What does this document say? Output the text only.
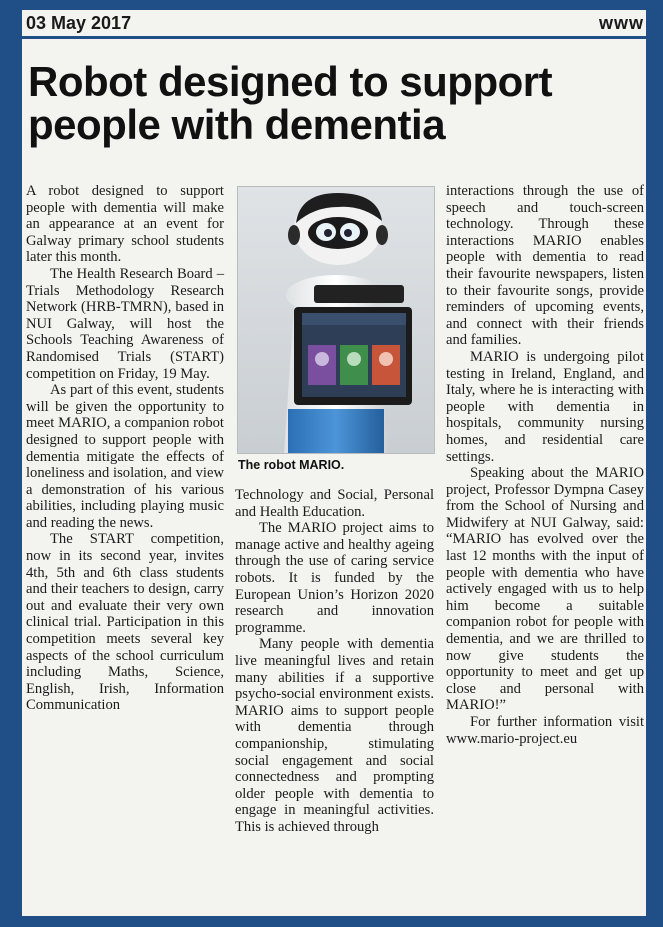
03 May 2017	www
Robot designed to support
people with dementia

A robot designed to support people with dementia will make an appearance at an event for Galway primary school students later this month.

The Health Research Board – Trials Methodology Research Network (HRB-TMRN), based in NUI Galway, will host the Schools Teaching Awareness of Randomised Trials (START) competition on Friday, 19 May.

As part of this event, students will be given the opportunity to meet MARIO, a companion robot designed to support people with dementia mitigate the effects of loneliness and isolation, and view a demonstration of his various abilities, including playing music and reading the news.

The START competition, now in its second year, invites 4th, 5th and 6th class students and their teachers to design, carry out and evaluate their very own clinical trial. Participation in this competition meets several key aspects of the school curriculum including Maths, Science, English, Irish, Information Communication

The robot MARIO.

Technology and Social, Personal and Health Education.

The MARIO project aims to manage active and healthy ageing through the use of caring service robots. It is funded by the European Union’s Horizon 2020 research and innovation programme.

Many people with dementia live meaningful lives and retain many abilities if a supportive psycho-social environment exists. MARIO aims to support people with dementia through companionship, stimulating social engagement and social connectedness and prompting older people with dementia to engage in meaningful activities. This is achieved through

interactions through the use of speech and touch-screen technology. Through these interactions MARIO enables people with dementia to read their favourite newspapers, listen to their favourite songs, provide reminders of upcoming events, and connect with their friends and families.

MARIO is undergoing pilot testing in Ireland, England, and Italy, where he is interacting with people with dementia in hospitals, community nursing homes, and residential care settings.

Speaking about the MARIO project, Professor Dympna Casey from the School of Nursing and Midwifery at NUI Galway, said: “MARIO has evolved over the last 12 months with the input of people with dementia who have actively engaged with us to help him become a suitable companion robot for people with dementia, and we are thrilled to now give students the opportunity to meet and get up close and personal with MARIO!”

For further information visit www.mario-project.eu
